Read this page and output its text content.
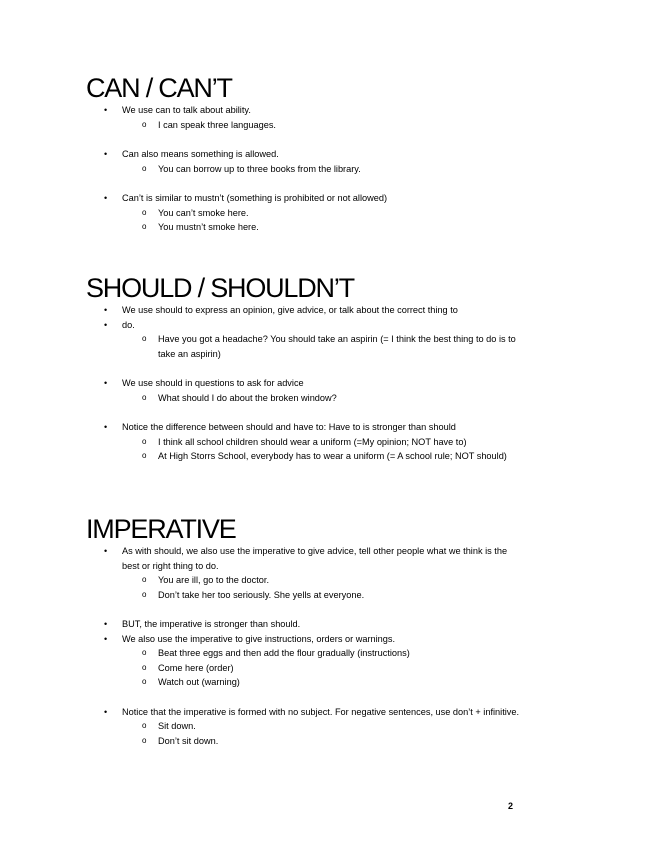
CAN / CAN’T
• We use can to talk about ability.
o I can speak three languages.
• Can also means something is allowed.
o You can borrow up to three books from the library.
• Can’t is similar to mustn’t (something is prohibited or not allowed)
o You can’t smoke here.
o You mustn’t smoke here.
SHOULD / SHOULDN’T
• We use should to express an opinion, give advice, or talk about the correct thing to
• do.
o Have you got a headache? You should take an aspirin (= I think the best thing to do is to take an aspirin)
• We use should in questions to ask for advice
o What should I do about the broken window?
• Notice the difference between should and have to: Have to is stronger than should
o I think all school children should wear a uniform (=My opinion; NOT have to)
o At High Storrs School, everybody has to wear a uniform (= A school rule; NOT should)
IMPERATIVE
• As with should, we also use the imperative to give advice, tell other people what we think is the best or right thing to do.
o You are ill, go to the doctor.
o Don’t take her too seriously. She yells at everyone.
• BUT, the imperative is stronger than should.
• We also use the imperative to give instructions, orders or warnings.
o Beat three eggs and then add the flour gradually (instructions)
o Come here (order)
o Watch out (warning)
• Notice that the imperative is formed with no subject. For negative sentences, use don’t + infinitive.
o Sit down.
o Don’t sit down.
2
